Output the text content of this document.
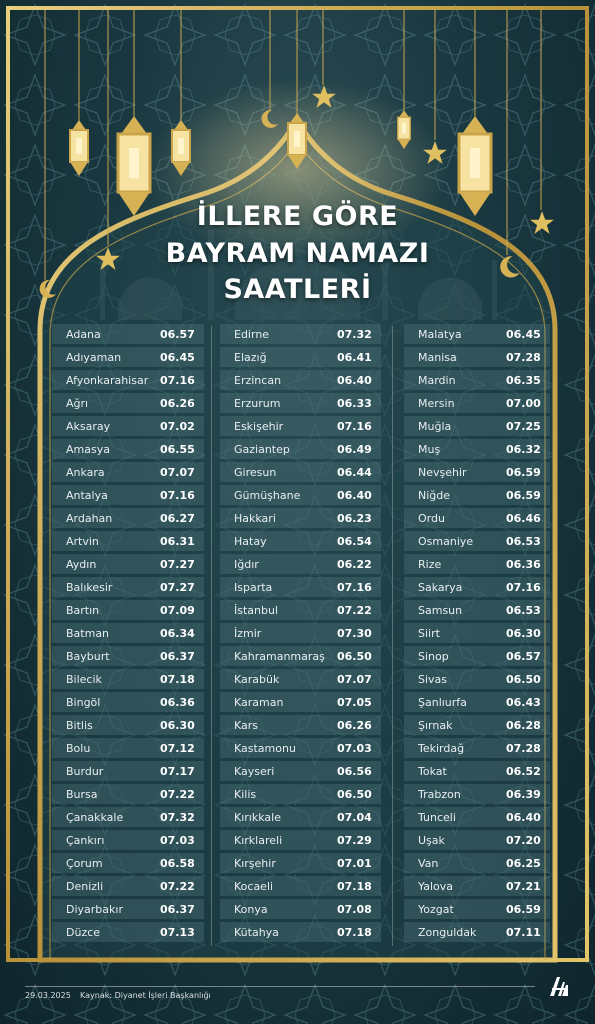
İLLERE GÖRE
BAYRAM NAMAZI
SAATLERİ
Adana	06.57
Adıyaman	06.45
Afyonkarahisar	07.16
Ağrı	06.26
Aksaray	07.02
Amasya	06.55
Ankara	07.07
Antalya	07.16
Ardahan	06.27
Artvin	06.31
Aydın	07.27
Balıkesir	07.27
Bartın	07.09
Batman	06.34
Bayburt	06.37
Bilecik	07.18
Bingöl	06.36
Bitlis	06.30
Bolu	07.12
Burdur	07.17
Bursa	07.22
Çanakkale	07.32
Çankırı	07.03
Çorum	06.58
Denizli	07.22
Diyarbakır	06.37
Düzce	07.13
Edirne	07.32
Elazığ	06.41
Erzincan	06.40
Erzurum	06.33
Eskişehir	07.16
Gaziantep	06.49
Giresun	06.44
Gümüşhane	06.40
Hakkari	06.23
Hatay	06.54
Iğdır	06.22
Isparta	07.16
İstanbul	07.22
İzmir	07.30
Kahramanmaraş	06.50
Karabük	07.07
Karaman	07.05
Kars	06.26
Kastamonu	07.03
Kayseri	06.56
Kilis	06.50
Kırıkkale	07.04
Kırklareli	07.29
Kırşehir	07.01
Kocaeli	07.18
Konya	07.08
Kütahya	07.18
Malatya	06.45
Manisa	07.28
Mardin	06.35
Mersin	07.00
Muğla	07.25
Muş	06.32
Nevşehir	06.59
Niğde	06.59
Ordu	06.46
Osmaniye	06.53
Rize	06.36
Sakarya	07.16
Samsun	06.53
Siirt	06.30
Sinop	06.57
Sivas	06.50
Şanlıurfa	06.43
Şırnak	06.28
Tekirdağ	07.28
Tokat	06.52
Trabzon	06.39
Tunceli	06.40
Uşak	07.20
Van	06.25
Yalova	07.21
Yozgat	06.59
Zonguldak	07.11
29.03.2025 Kaynak: Diyanet İşleri Başkanlığı
